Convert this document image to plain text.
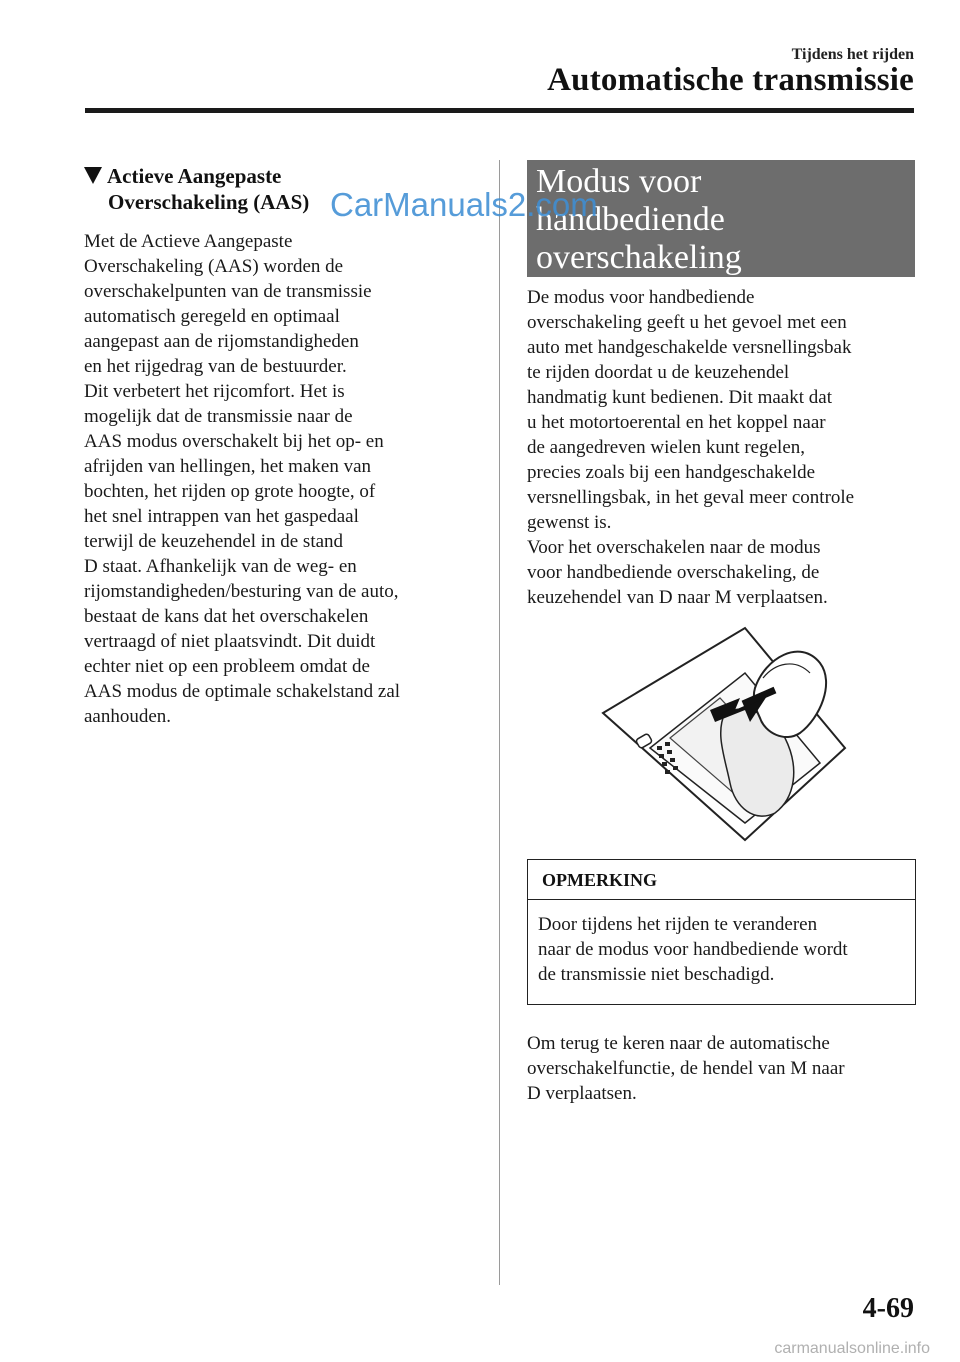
Tijdens het rijden
Automatische transmissie
Actieve Aangepaste
Overschakeling (AAS)

Met de Actieve Aangepaste
Overschakeling (AAS) worden de
overschakelpunten van de transmissie
automatisch geregeld en optimaal
aangepast aan de rijomstandigheden
en het rijgedrag van de bestuurder.
Dit verbetert het rijcomfort. Het is
mogelijk dat de transmissie naar de
AAS modus overschakelt bij het op- en
afrijden van hellingen, het maken van
bochten, het rijden op grote hoogte, of
het snel intrappen van het gaspedaal
terwijl de keuzehendel in de stand
D staat. Afhankelijk van de weg- en
rijomstandigheden/besturing van de auto,
bestaat de kans dat het overschakelen
vertraagd of niet plaatsvindt. Dit duidt
echter niet op een probleem omdat de
AAS modus de optimale schakelstand zal
aanhouden.

Modus voor
handbediende
overschakeling

De modus voor handbediende
overschakeling geeft u het gevoel met een
auto met handgeschakelde versnellingsbak
te rijden doordat u de keuzehendel
handmatig kunt bedienen. Dit maakt dat
u het motortoerental en het koppel naar
de aangedreven wielen kunt regelen,
precies zoals bij een handgeschakelde
versnellingsbak, in het geval meer controle
gewenst is.
Voor het overschakelen naar de modus
voor handbediende overschakeling, de
keuzehendel van D naar M verplaatsen.

OPMERKING
Door tijdens het rijden te veranderen
naar de modus voor handbediende wordt
de transmissie niet beschadigd.

Om terug te keren naar de automatische
overschakelfunctie, de hendel van M naar
D verplaatsen.

CarManuals2.com
4-69
carmanualsonline.info
